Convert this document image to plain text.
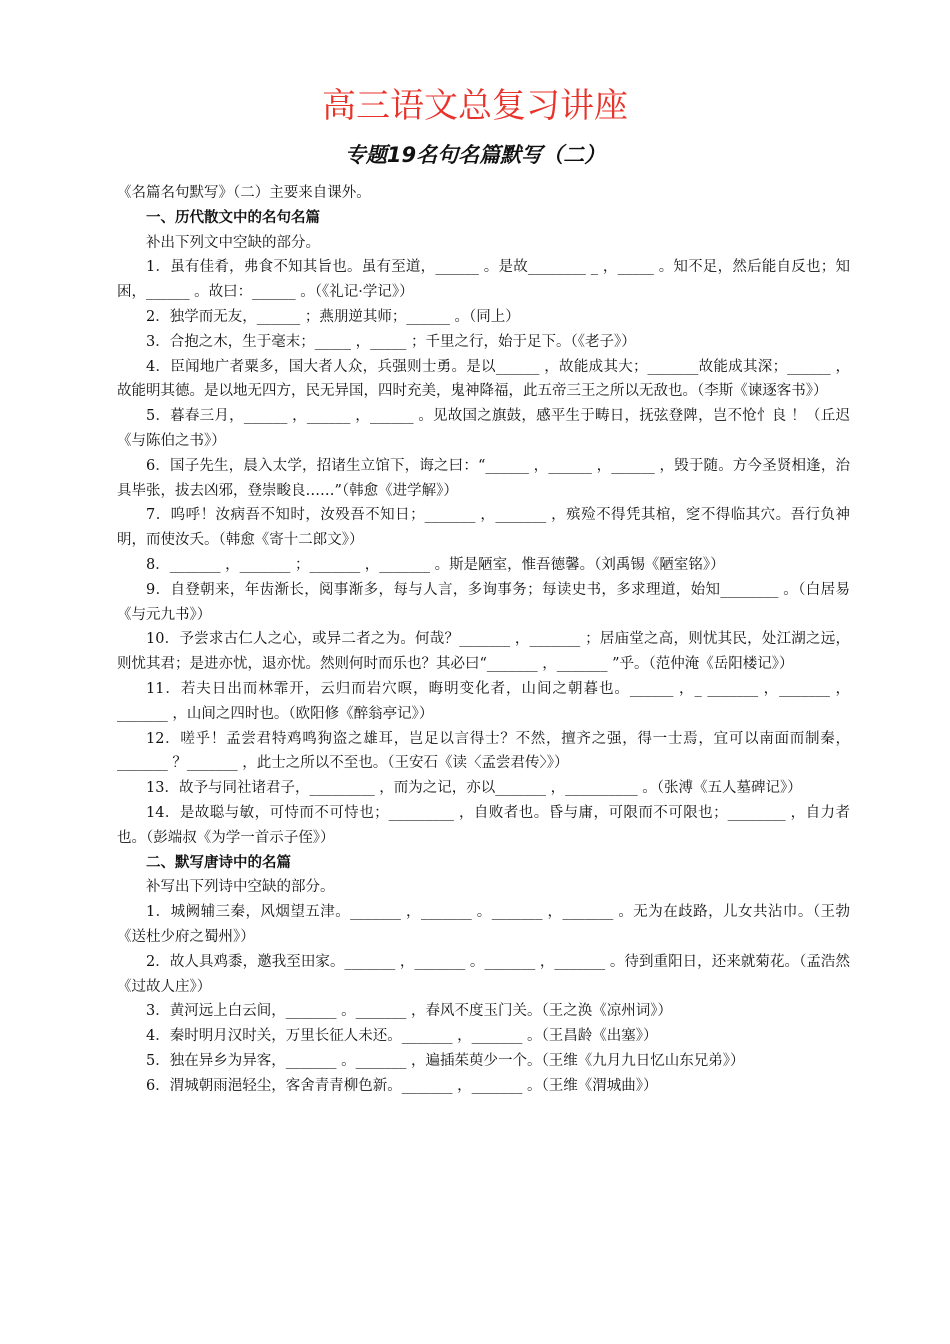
高三语文总复习讲座
专题19名句名篇默写（二）

《名篇名句默写》（二）主要来自课外。

一、历代散文中的名句名篇

补出下列文中空缺的部分。

1．虽有佳肴，弗食不知其旨也。虽有至道，______ 。是故________ _ ，_____ 。知不足，然后能自反也；知困，______ 。故曰：______ 。（《礼记·学记》）

2．独学而无友，______ ；燕朋逆其师；______ 。（同上）

3．合抱之木，生于毫末；_____ ，_____ ；千里之行，始于足下。（《老子》）

4．臣闻地广者粟多，国大者人众，兵强则士勇。是以______ ，故能成其大；_______故能成其深；______ ，故能明其德。是以地无四方，民无异国，四时充美，鬼神降福，此五帝三王之所以无敌也。（李斯《谏逐客书》）

5．暮春三月，______ ，______ ，______ 。见故国之旗鼓，感平生于畴日，抚弦登陴，岂不怆忄良 ！（丘迟《与陈伯之书》）

6．国子先生，晨入太学，招诸生立馆下，诲之曰：“______ ，______ ，______ ，毁于随。方今圣贤相逢，治具毕张，拔去凶邪，登崇畯良……”（韩愈《进学解》）

7．呜呼！汝病吾不知时，汝殁吾不知日；_______ ，_______ ，殡殓不得凭其棺，窆不得临其穴。吾行负神明，而使汝夭。（韩愈《寄十二郎文》）

8．_______ ，_______ ；_______ ，_______ 。斯是陋室，惟吾德馨。（刘禹锡《陋室铭》）

9．自登朝来，年齿渐长，阅事渐多，每与人言，多询事务；每读史书，多求理道，始知________ 。（白居易《与元九书》）

10．予尝求古仁人之心，或异二者之为。何哉？_______ ，_______ ；居庙堂之高，则忧其民，处江湖之远，则忧其君；是进亦忧，退亦忧。然则何时而乐也？其必曰“_______ ，_______ ”乎。（范仲淹《岳阳楼记》）

11．若夫日出而林霏开，云归而岩穴暝，晦明变化者，山间之朝暮也。______ ，_ _______ ，_______ ，_______ ，山间之四时也。（欧阳修《醉翁亭记》）

12．嗟乎！孟尝君特鸡鸣狗盗之雄耳，岂足以言得士？不然，擅齐之强，得一士焉，宜可以南面而制秦，_______ ？_______ ，此士之所以不至也。（王安石《读〈孟尝君传〉》）

13．故予与同社诸君子，_________ ，而为之记，亦以_______ ，__________ 。（张溥《五人墓碑记》）

14．是故聪与敏，可恃而不可恃也；_________ ，自败者也。昏与庸，可限而不可限也；________ ，自力者也。（彭端叔《为学一首示子侄》）

二、默写唐诗中的名篇

补写出下列诗中空缺的部分。

1．城阙辅三秦，风烟望五津。_______ ，_______ 。_______ ，_______ 。无为在歧路，儿女共沾巾。（王勃《送杜少府之蜀州》）

2．故人具鸡黍，邀我至田家。_______ ，_______ 。_______ ，_______ 。待到重阳日，还来就菊花。（孟浩然《过故人庄》）

3．黄河远上白云间，_______ 。_______ ，春风不度玉门关。（王之涣《凉州词》）

4．秦时明月汉时关，万里长征人未还。_______ ，_______ 。（王昌龄《出塞》）

5．独在异乡为异客，_______ 。_______ ，遍插茱萸少一个。（王维《九月九日忆山东兄弟》）

6．渭城朝雨浥轻尘，客舍青青柳色新。_______ ，_______ 。（王维《渭城曲》）
